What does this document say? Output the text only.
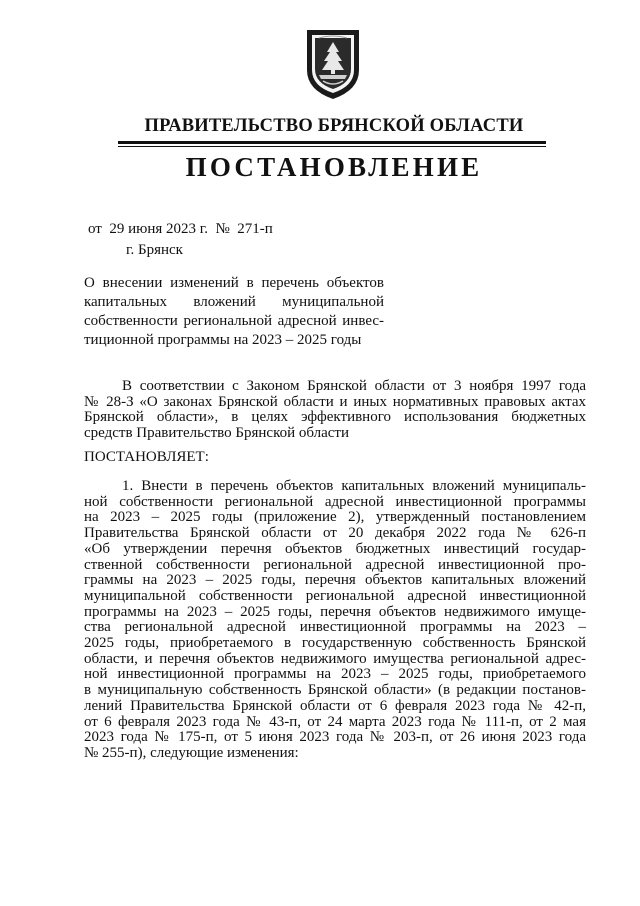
ПРАВИТЕЛЬСТВО БРЯНСКОЙ ОБЛАСТИ
ПОСТАНОВЛЕНИЕ
от  29 июня 2023 г.  №  271-п
г. Брянск
О внесении изменений в перечень объектов
капитальных вложений муниципальной
собственности региональной адресной инвес-
тиционной программы на 2023 – 2025 годы
В соответствии с Законом Брянской области от 3 ноября 1997 года
№ 28-З «О законах Брянской области и иных нормативных правовых актах
Брянской области», в целях эффективного использования бюджетных
средств Правительство Брянской области
ПОСТАНОВЛЯЕТ:
1. Внести в перечень объектов капитальных вложений муниципаль-
ной собственности региональной адресной инвестиционной программы
на 2023 – 2025 годы (приложение 2), утвержденный постановлением
Правительства Брянской области от 20 декабря 2022 года № 626-п
«Об утверждении перечня объектов бюджетных инвестиций государ-
ственной собственности региональной адресной инвестиционной про-
граммы на 2023 – 2025 годы, перечня объектов капитальных вложений
муниципальной собственности региональной адресной инвестиционной
программы на 2023 – 2025 годы, перечня объектов недвижимого имуще-
ства региональной адресной инвестиционной программы на 2023 –
2025 годы, приобретаемого в государственную собственность Брянской
области, и перечня объектов недвижимого имущества региональной адрес-
ной инвестиционной программы на 2023 – 2025 годы, приобретаемого
в муниципальную собственность Брянской области» (в редакции постанов-
лений Правительства Брянской области от 6 февраля 2023 года № 42-п,
от 6 февраля 2023 года № 43-п, от 24 марта 2023 года № 111-п, от 2 мая
2023 года № 175-п, от 5 июня 2023 года № 203-п, от 26 июня 2023 года
№ 255-п), следующие изменения:
